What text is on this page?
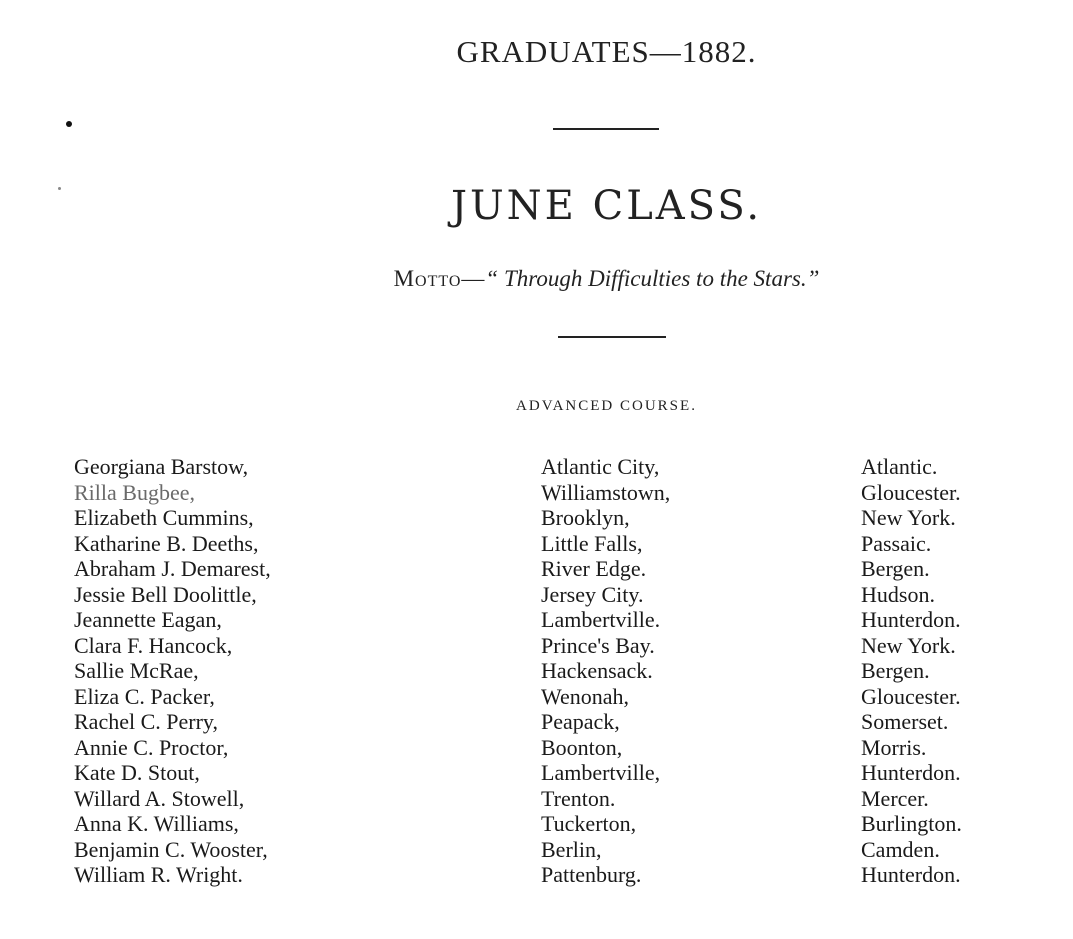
GRADUATES—1882.
JUNE CLASS.
Motto—“ Through Difficulties to the Stars.”
ADVANCED COURSE.
Georgiana Barstow,	Atlantic City,	Atlantic.
Rilla Bugbee,	Williamstown,	Gloucester.
Elizabeth Cummins,	Brooklyn,	New York.
Katharine B. Deeths,	Little Falls,	Passaic.
Abraham J. Demarest,	River Edge.	Bergen.
Jessie Bell Doolittle,	Jersey City.	Hudson.
Jeannette Eagan,	Lambertville.	Hunterdon.
Clara F. Hancock,	Prince's Bay.	New York.
Sallie McRae,	Hackensack.	Bergen.
Eliza C. Packer,	Wenonah,	Gloucester.
Rachel C. Perry,	Peapack,	Somerset.
Annie C. Proctor,	Boonton,	Morris.
Kate D. Stout,	Lambertville,	Hunterdon.
Willard A. Stowell,	Trenton.	Mercer.
Anna K. Williams,	Tuckerton,	Burlington.
Benjamin C. Wooster,	Berlin,	Camden.
William R. Wright.	Pattenburg.	Hunterdon.
